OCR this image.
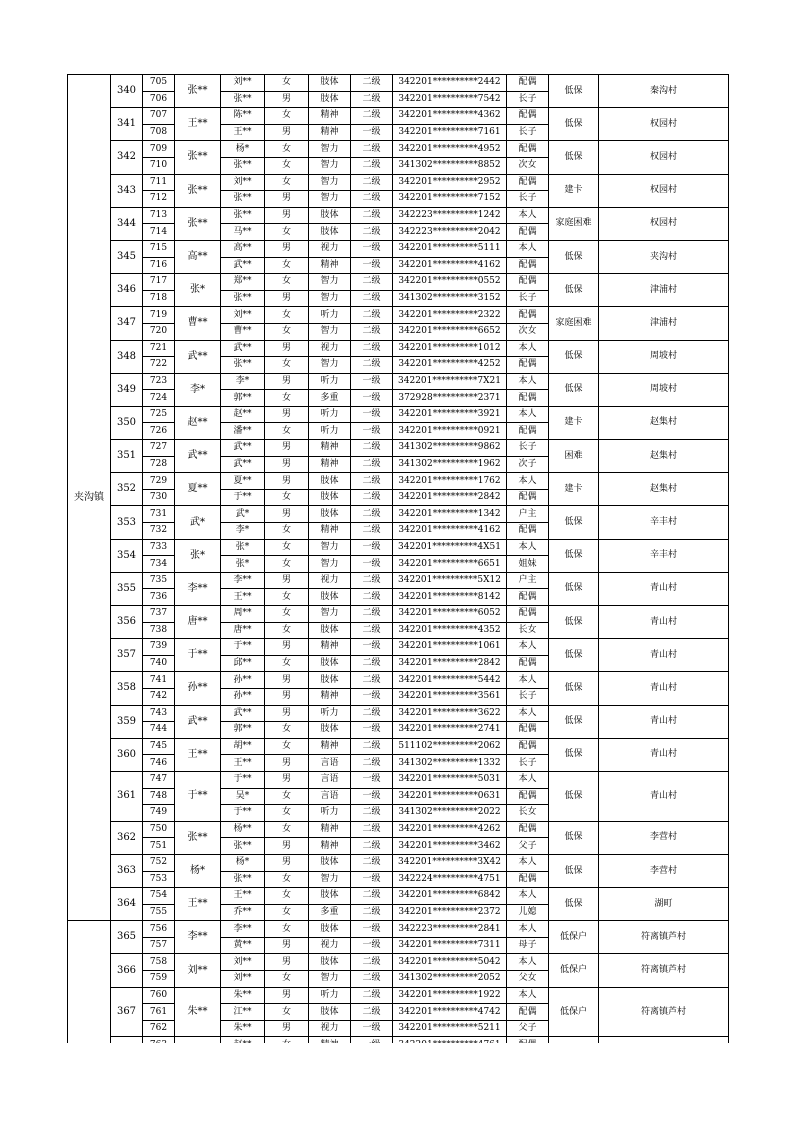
夹沟镇	340	705	张**	刘**	女	肢体	二级	342201**********2442	配偶	低保	秦沟村
		706		张**	男	肢体	二级	342201**********7542	长子		
	341	707	王**	陈**	女	精神	二级	342201**********4362	配偶	低保	权园村
		708		王**	男	精神	一级	342201**********7161	长子		
	342	709	张**	杨*	女	智力	二级	342201**********4952	配偶	低保	权园村
		710		张**	女	智力	二级	341302**********8852	次女		
	343	711	张**	刘**	女	智力	二级	342201**********2952	配偶	建卡	权园村
		712		张**	男	智力	二级	342201**********7152	长子		
	344	713	张**	张**	男	肢体	二级	342223**********1242	本人	家庭困难	权园村
		714		马**	女	肢体	二级	342223**********2042	配偶		
	345	715	高**	高**	男	视力	一级	342201**********5111	本人	低保	夹沟村
		716		武**	女	精神	一级	342201**********4162	配偶		
	346	717	张*	郑**	女	智力	二级	342201**********0552	配偶	低保	津浦村
		718		张**	男	智力	二级	341302**********3152	长子		
	347	719	曹**	刘**	女	听力	二级	342201**********2322	配偶	家庭困难	津浦村
		720		曹**	女	智力	二级	342201**********6652	次女		
	348	721	武**	武**	男	视力	二级	342201**********1012	本人	低保	周坡村
		722		张**	女	智力	二级	342201**********4252	配偶		
	349	723	李*	李*	男	听力	一级	342201**********7X21	本人	低保	周坡村
		724		郭**	女	多重	一级	372928**********2371	配偶		
	350	725	赵**	赵**	男	听力	一级	342201**********3921	本人	建卡	赵集村
		726		潘**	女	听力	一级	342201**********0921	配偶		
	351	727	武**	武**	男	精神	二级	341302**********9862	长子	困难	赵集村
		728		武**	男	精神	二级	341302**********1962	次子		
	352	729	夏**	夏**	男	肢体	二级	342201**********1762	本人	建卡	赵集村
		730		于**	女	肢体	二级	342201**********2842	配偶		
	353	731	武*	武*	男	肢体	二级	342201**********1342	户主	低保	辛丰村
		732		李*	女	精神	二级	342201**********4162	配偶		
	354	733	张*	张*	女	智力	一级	342201**********4X51	本人	低保	辛丰村
		734		张*	女	智力	一级	342201**********6651	姐妹		
	355	735	李**	李**	男	视力	二级	342201**********5X12	户主	低保	青山村
		736		王**	女	肢体	二级	342201**********8142	配偶		
	356	737	唐**	周**	女	智力	二级	342201**********6052	配偶	低保	青山村
		738		唐**	女	肢体	二级	342201**********4352	长女		
	357	739	于**	于**	男	精神	一级	342201**********1061	本人	低保	青山村
		740		邱**	女	肢体	二级	342201**********2842	配偶		
	358	741	孙**	孙**	男	肢体	二级	342201**********5442	本人	低保	青山村
		742		孙**	男	精神	一级	342201**********3561	长子		
	359	743	武**	武**	男	听力	二级	342201**********3622	本人	低保	青山村
		744		郭**	女	肢体	一级	342201**********2741	配偶		
	360	745	王**	胡**	女	精神	二级	511102**********2062	配偶	低保	青山村
		746		王**	男	言语	二级	341302**********1332	长子		
	361	747	于**	于**	男	言语	一级	342201**********5031	本人	低保	青山村
		748		吴*	女	言语	一级	342201**********0631	配偶		
		749		于**	女	听力	二级	341302**********2022	长女		
	362	750	张**	杨**	女	精神	二级	342201**********4262	配偶	低保	李营村
		751		张**	男	精神	二级	342201**********3462	父子		
	363	752	杨*	杨*	男	肢体	二级	342201**********3X42	本人	低保	李营村
		753		张**	女	智力	一级	342224**********4751	配偶		
	364	754	王**	王**	女	肢体	二级	342201**********6842	本人	低保	湖町
		755		乔**	女	多重	二级	342201**********2372	儿媳		
	365	756	李**	李**	女	肢体	一级	342223**********2841	本人	低保户	符离镇芦村
		757		黄**	男	视力	一级	342201**********7311	母子		
	366	758	刘**	刘**	男	肢体	二级	342201**********5042	本人	低保户	符离镇芦村
		759		刘**	女	智力	二级	341302**********2052	父女		
	367	760	朱**	朱**	男	听力	二级	342201**********1922	本人	低保户	符离镇芦村
		761		江**	女	肢体	二级	342201**********4742	配偶		
		762		朱**	男	视力	一级	342201**********5211	父子		
